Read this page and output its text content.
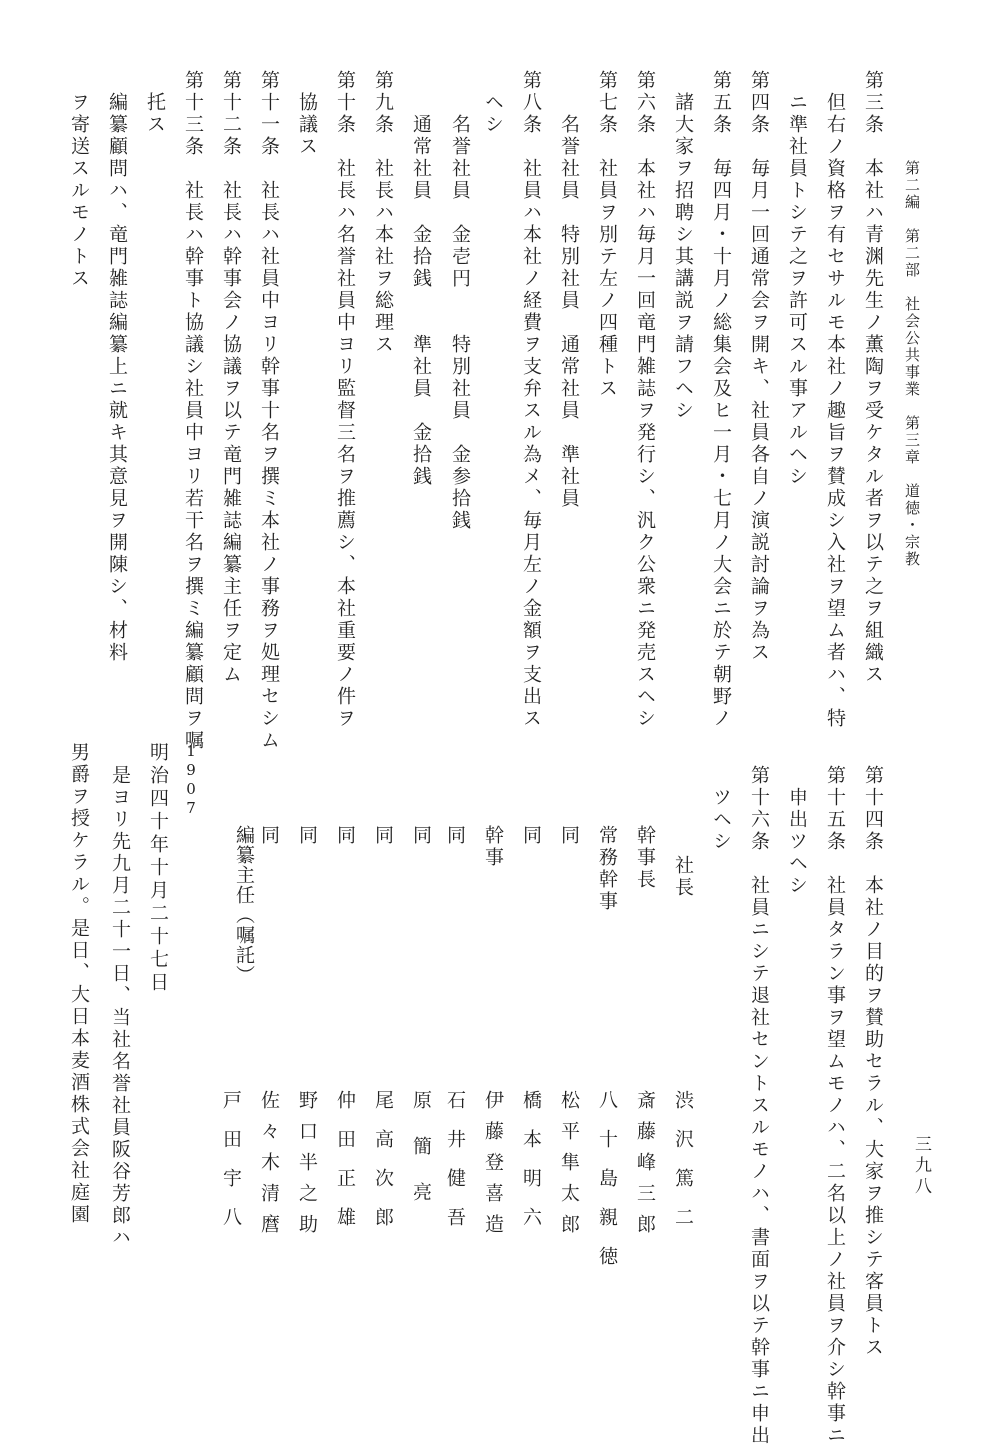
第二編　第二部　社会公共事業　第三章　道徳・宗教
三九八
第三条　本社ハ青渊先生ノ薫陶ヲ受ケタル者ヲ以テ之ヲ組織ス
　但右ノ資格ヲ有セサルモ本社ノ趣旨ヲ賛成シ入社ヲ望ム者ハ、特
　ニ準社員トシテ之ヲ許可スル事アルヘシ
第四条　毎月一回通常会ヲ開キ、社員各自ノ演説討論ヲ為ス
第五条　毎四月・十月ノ総集会及ヒ一月・七月ノ大会ニ於テ朝野ノ
　諸大家ヲ招聘シ其講説ヲ請フヘシ
第六条　本社ハ毎月一回竜門雑誌ヲ発行シ、汎ク公衆ニ発売スヘシ
第七条　社員ヲ別テ左ノ四種トス
　　名誉社員　特別社員　通常社員　準社員
第八条　社員ハ本社ノ経費ヲ支弁スル為メ、毎月左ノ金額ヲ支出ス
　ヘシ
　　名誉社員　金壱円　　特別社員　金参拾銭
　　通常社員　金拾銭　　準社員　金拾銭
第九条　社長ハ本社ヲ総理ス
第十条　社長ハ名誉社員中ヨリ監督三名ヲ推薦シ、本社重要ノ件ヲ
　協議ス
第十一条　社長ハ社員中ヨリ幹事十名ヲ撰ミ本社ノ事務ヲ処理セシム
第十二条　社長ハ幹事会ノ協議ヲ以テ竜門雑誌編纂主任ヲ定ム
第十三条　社長ハ幹事ト協議シ社員中ヨリ若干名ヲ撰ミ編纂顧問ヲ嘱
　托ス
　編纂顧問ハ、竜門雑誌編纂上ニ就キ其意見ヲ開陳シ、材料
　ヲ寄送スルモノトス
第十四条　本社ノ目的ヲ賛助セラル、大家ヲ推シテ客員トス
第十五条　社員タラン事ヲ望ムモノハ、二名以上ノ社員ヲ介シ幹事ニ
　申出ツヘシ
第十六条　社員ニシテ退社セントスルモノハ、書面ヲ以テ幹事ニ申出
　ツヘシ
社長
幹事長
常務幹事
同
同
幹事
同
同
同
同
同
同
編纂主任（嘱託）
渋沢篤二
斎藤峰三郎
八十島親徳
松平隼太郎
橋本明六
伊藤登喜造
石井健吾
原　簡　亮
尾高次郎
仲田正雄
野口半之助
佐々木清麿
戸田宇八
1907
明治四十年十月二十七日
是ヨリ先九月二十一日、当社名誉社員阪谷芳郎ハ
男爵ヲ授ケラル。是日、大日本麦酒株式会社庭園
